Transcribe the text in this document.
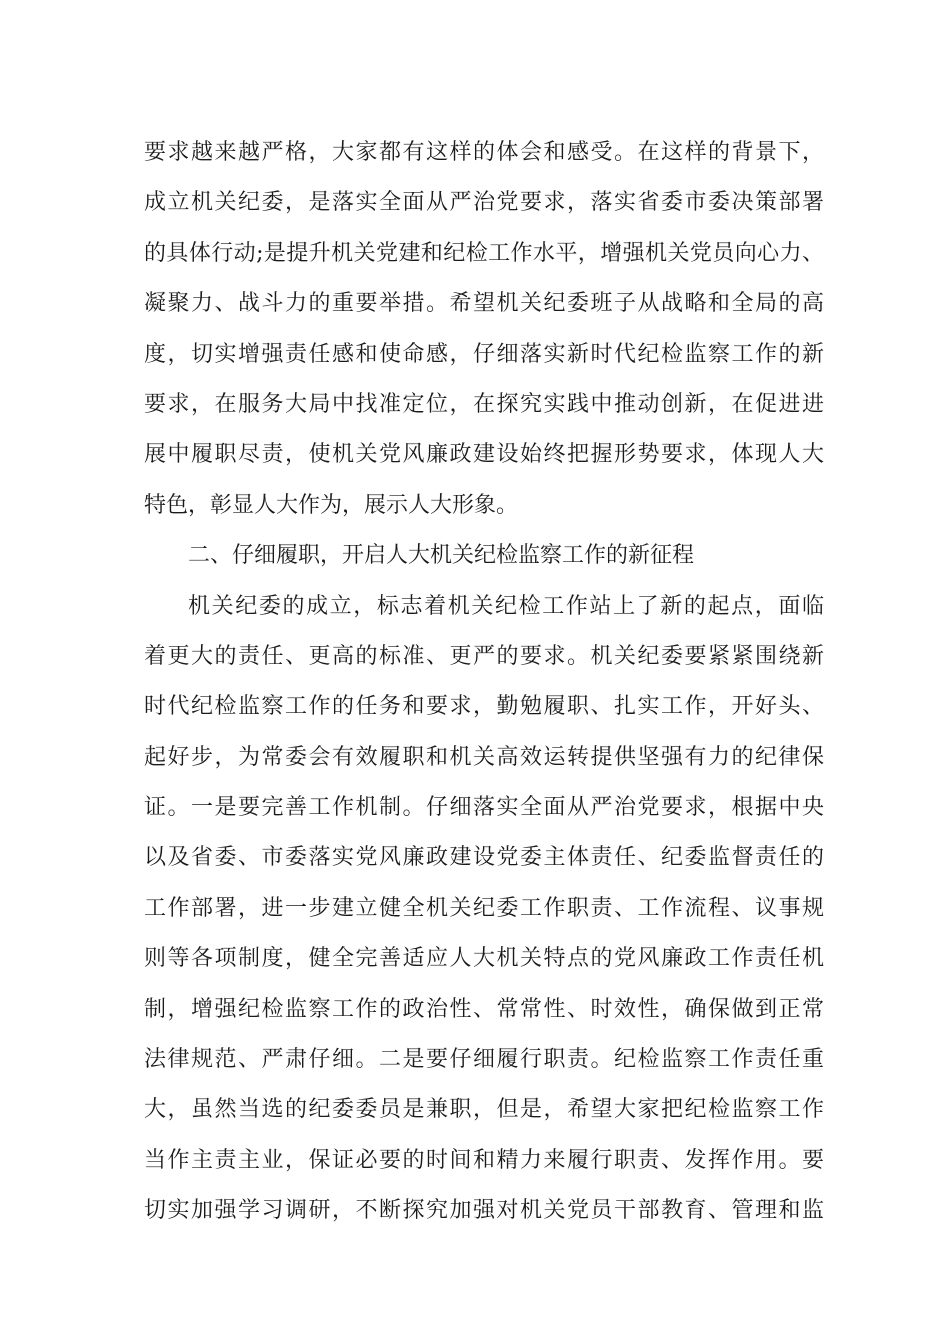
要求越来越严格，大家都有这样的体会和感受。在这样的背景下，
成立机关纪委，是落实全面从严治党要求，落实省委市委决策部署
的具体行动;是提升机关党建和纪检工作水平，增强机关党员向心力、
凝聚力、战斗力的重要举措。希望机关纪委班子从战略和全局的高
度，切实增强责任感和使命感，仔细落实新时代纪检监察工作的新
要求，在服务大局中找准定位，在探究实践中推动创新，在促进进
展中履职尽责，使机关党风廉政建设始终把握形势要求，体现人大
特色，彰显人大作为，展示人大形象。
二、仔细履职，开启人大机关纪检监察工作的新征程
机关纪委的成立，标志着机关纪检工作站上了新的起点，面临
着更大的责任、更高的标准、更严的要求。机关纪委要紧紧围绕新
时代纪检监察工作的任务和要求，勤勉履职、扎实工作，开好头、
起好步，为常委会有效履职和机关高效运转提供坚强有力的纪律保
证。一是要完善工作机制。仔细落实全面从严治党要求，根据中央
以及省委、市委落实党风廉政建设党委主体责任、纪委监督责任的
工作部署，进一步建立健全机关纪委工作职责、工作流程、议事规
则等各项制度，健全完善适应人大机关特点的党风廉政工作责任机
制，增强纪检监察工作的政治性、常常性、时效性，确保做到正常
法律规范、严肃仔细。二是要仔细履行职责。纪检监察工作责任重
大，虽然当选的纪委委员是兼职，但是，希望大家把纪检监察工作
当作主责主业，保证必要的时间和精力来履行职责、发挥作用。要
切实加强学习调研，不断探究加强对机关党员干部教育、管理和监
